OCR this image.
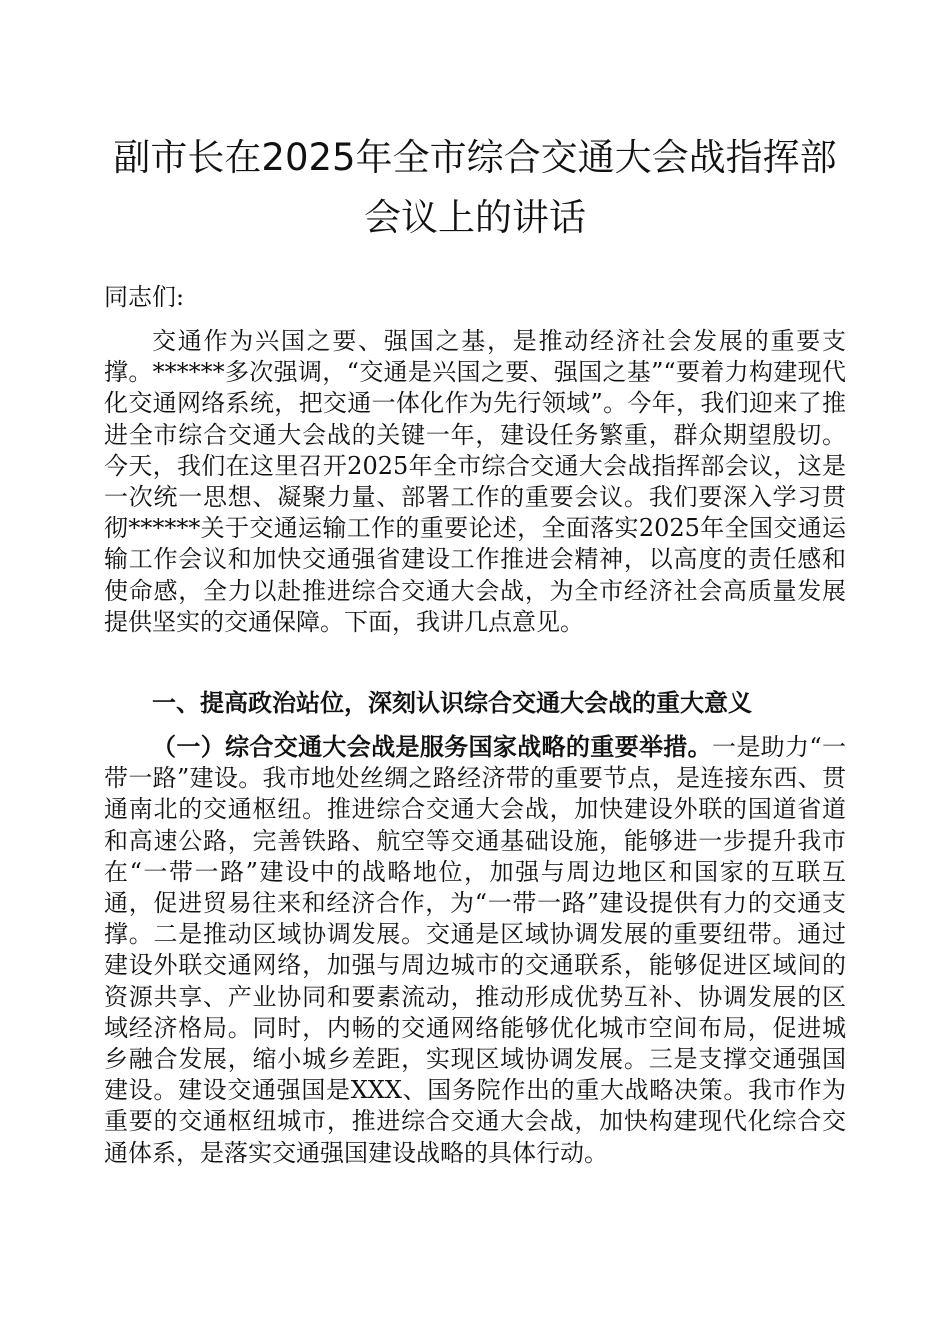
副市长在2025年全市综合交通大会战指挥部会议上的讲话

同志们:

交通作为兴国之要、强国之基，是推动经济社会发展的重要支撑。******多次强调，“交通是兴国之要、强国之基”“要着力构建现代化交通网络系统，把交通一体化作为先行领域”。今年，我们迎来了推进全市综合交通大会战的关键一年，建设任务繁重，群众期望殷切。今天，我们在这里召开2025年全市综合交通大会战指挥部会议，这是一次统一思想、凝聚力量、部署工作的重要会议。我们要深入学习贯彻******关于交通运输工作的重要论述，全面落实2025年全国交通运输工作会议和加快交通强省建设工作推进会精神，以高度的责任感和使命感，全力以赴推进综合交通大会战，为全市经济社会高质量发展提供坚实的交通保障。下面，我讲几点意见。

一、提高政治站位，深刻认识综合交通大会战的重大意义

（一）综合交通大会战是服务国家战略的重要举措。一是助力“一带一路”建设。我市地处丝绸之路经济带的重要节点，是连接东西、贯通南北的交通枢纽。推进综合交通大会战，加快建设外联的国道省道和高速公路，完善铁路、航空等交通基础设施，能够进一步提升我市在“一带一路”建设中的战略地位，加强与周边地区和国家的互联互通，促进贸易往来和经济合作，为“一带一路”建设提供有力的交通支撑。二是推动区域协调发展。交通是区域协调发展的重要纽带。通过建设外联交通网络，加强与周边城市的交通联系，能够促进区域间的资源共享、产业协同和要素流动，推动形成优势互补、协调发展的区域经济格局。同时，内畅的交通网络能够优化城市空间布局，促进城乡融合发展，缩小城乡差距，实现区域协调发展。三是支撑交通强国建设。建设交通强国是XXX、国务院作出的重大战略决策。我市作为重要的交通枢纽城市，推进综合交通大会战，加快构建现代化综合交通体系，是落实交通强国建设战略的具体行动。
